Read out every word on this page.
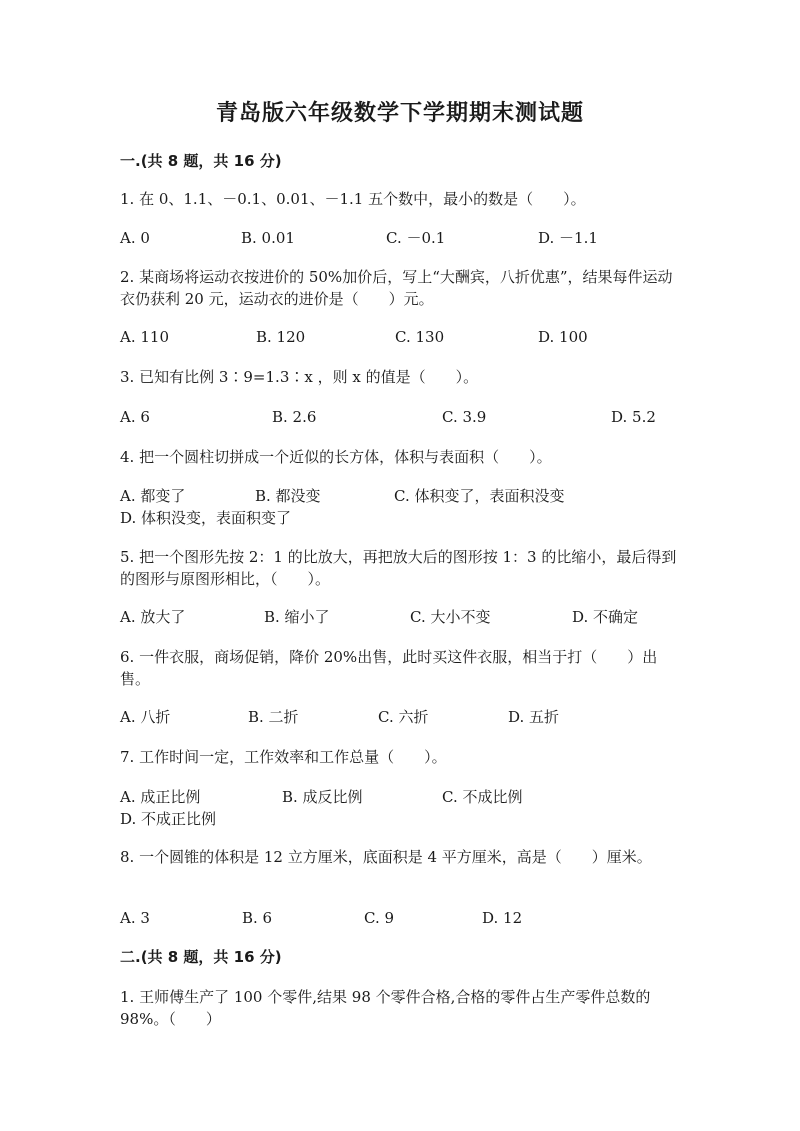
青岛版六年级数学下学期期末测试题
一.(共 8 题，共 16 分)
1. 在 0、1.1、－0.1、0.01、－1.1 五个数中，最小的数是（　　）。
A. 0	B. 0.01	C. －0.1	D. －1.1
2. 某商场将运动衣按进价的 50%加价后，写上“大酬宾，八折优惠”，结果每件运动衣仍获利 20 元，运动衣的进价是（　　）元。
A. 110	B. 120	C. 130	D. 100
3. 已知有比例 3∶9=1.3∶x ，则 x 的值是（　　）。
A. 6	B. 2.6	C. 3.9	D. 5.2
4. 把一个圆柱切拼成一个近似的长方体，体积与表面积（　　）。
A. 都变了	B. 都没变	C. 体积变了，表面积没变D. 体积没变，表面积变了
5. 把一个图形先按 2：1 的比放大，再把放大后的图形按 1：3 的比缩小，最后得到的图形与原图形相比，（　　）。
A. 放大了	B. 缩小了	C. 大小不变	D. 不确定
6. 一件衣服，商场促销，降价 20%出售，此时买这件衣服，相当于打（　　）出售。
A. 八折	B. 二折	C. 六折	D. 五折
7. 工作时间一定，工作效率和工作总量（　　）。
A. 成正比例	B. 成反比例	C. 不成比例D. 不成正比例
8. 一个圆锥的体积是 12 立方厘米，底面积是 4 平方厘米，高是（　　）厘米。
A. 3	B. 6	C. 9	D. 12
二.(共 8 题，共 16 分)
1. 王师傅生产了 100 个零件,结果 98 个零件合格,合格的零件占生产零件总数的 98%。（　　）
